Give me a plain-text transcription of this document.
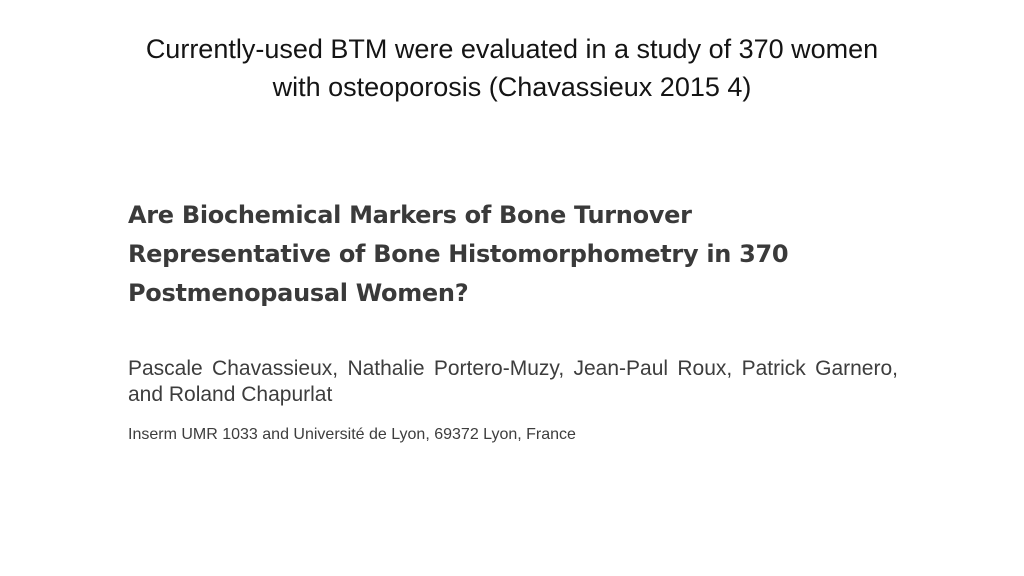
Currently-used BTM were evaluated in a study of 370 women
with osteoporosis (Chavassieux 2015 4)
Are Biochemical Markers of Bone Turnover
Representative of Bone Histomorphometry in 370
Postmenopausal Women?

Pascale Chavassieux, Nathalie Portero-Muzy, Jean-Paul Roux, Patrick Garnero, and Roland Chapurlat

Inserm UMR 1033 and Université de Lyon, 69372 Lyon, France
